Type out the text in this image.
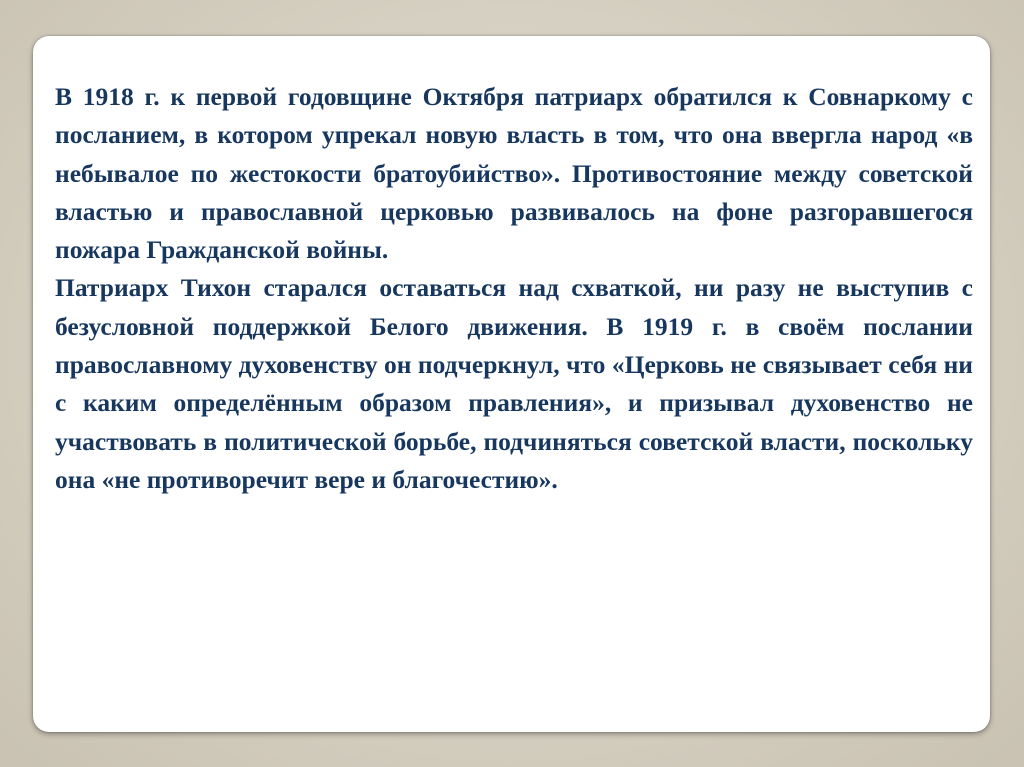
В 1918 г. к первой годовщине Октября патриарх обратился к Совнаркому с посланием, в котором упрекал новую власть в том, что она ввергла народ «в небывалое по жестокости братоубийство». Противостояние между советской властью и православной церковью развивалось на фоне разгоравшегося пожара Гражданской войны.

Патриарх Тихон старался оставаться над схваткой, ни разу не выступив с безусловной поддержкой Белого движения. В 1919 г. в своём послании православному духовенству он подчеркнул, что «Церковь не связывает себя ни с каким определённым образом правления», и призывал духовенство не участвовать в политической борьбе, подчиняться советской власти, поскольку она «не противоречит вере и благочестию».
